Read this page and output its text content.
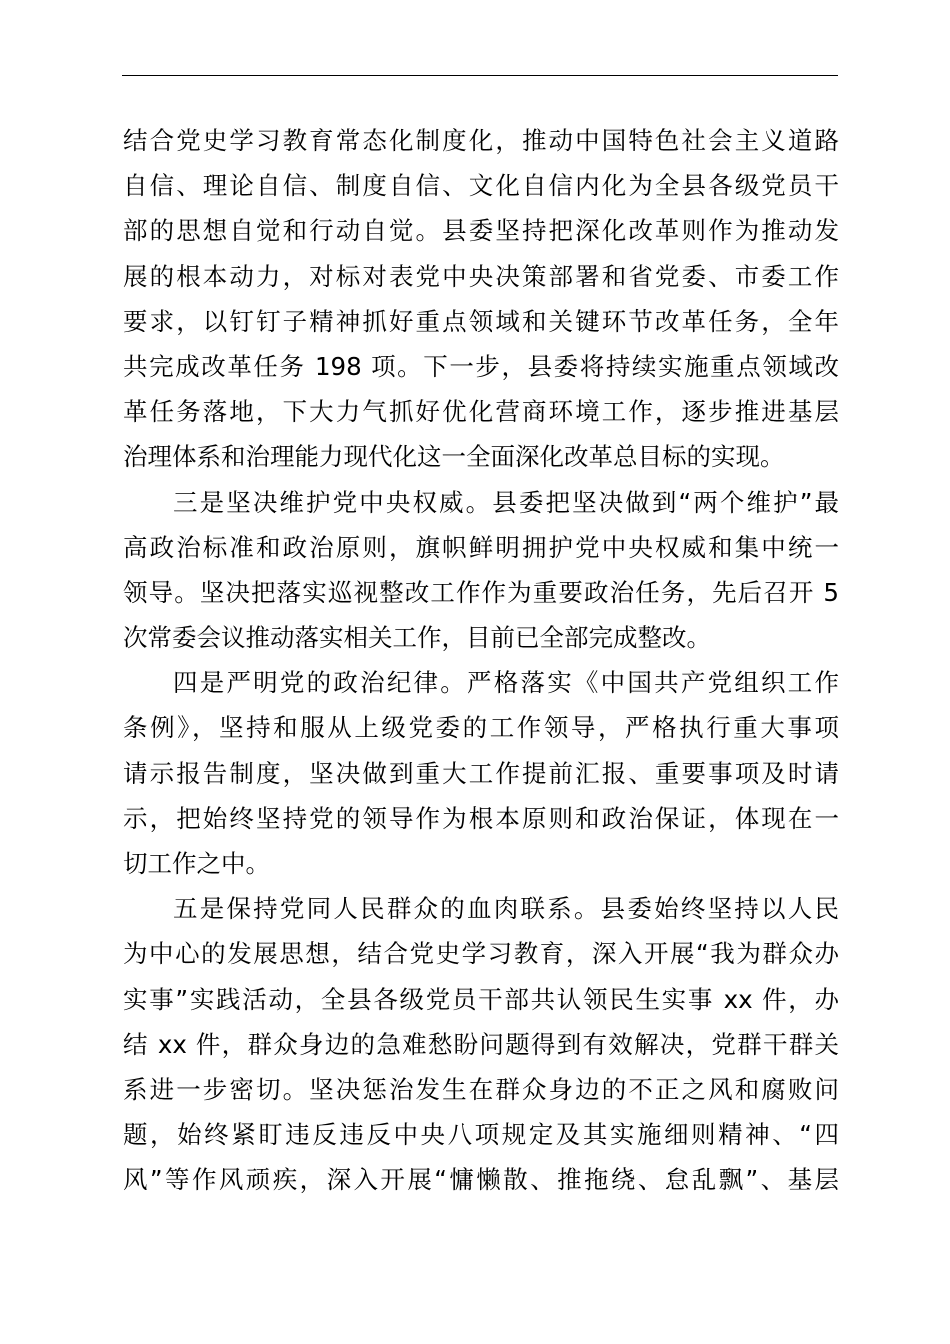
结合党史学习教育常态化制度化，推动中国特色社会主义道路
自信、理论自信、制度自信、文化自信内化为全县各级党员干
部的思想自觉和行动自觉。县委坚持把深化改革则作为推动发
展的根本动力，对标对表党中央决策部署和省党委、市委工作
要求，以钉钉子精神抓好重点领域和关键环节改革任务，全年
共完成改革任务 198 项。下一步，县委将持续实施重点领域改
革任务落地，下大力气抓好优化营商环境工作，逐步推进基层
治理体系和治理能力现代化这一全面深化改革总目标的实现。
三是坚决维护党中央权威。县委把坚决做到“两个维护”最
高政治标准和政治原则，旗帜鲜明拥护党中央权威和集中统一
领导。坚决把落实巡视整改工作作为重要政治任务，先后召开 5
次常委会议推动落实相关工作，目前已全部完成整改。
四是严明党的政治纪律。严格落实《中国共产党组织工作
条例》，坚持和服从上级党委的工作领导，严格执行重大事项
请示报告制度，坚决做到重大工作提前汇报、重要事项及时请
示，把始终坚持党的领导作为根本原则和政治保证，体现在一
切工作之中。
五是保持党同人民群众的血肉联系。县委始终坚持以人民
为中心的发展思想，结合党史学习教育，深入开展“我为群众办
实事”实践活动，全县各级党员干部共认领民生实事 xx 件，办
结 xx 件，群众身边的急难愁盼问题得到有效解决，党群干群关
系进一步密切。坚决惩治发生在群众身边的不正之风和腐败问
题，始终紧盯违反违反中央八项规定及其实施细则精神、“四
风”等作风顽疾，深入开展“慵懒散、推拖绕、怠乱飘”、基层
